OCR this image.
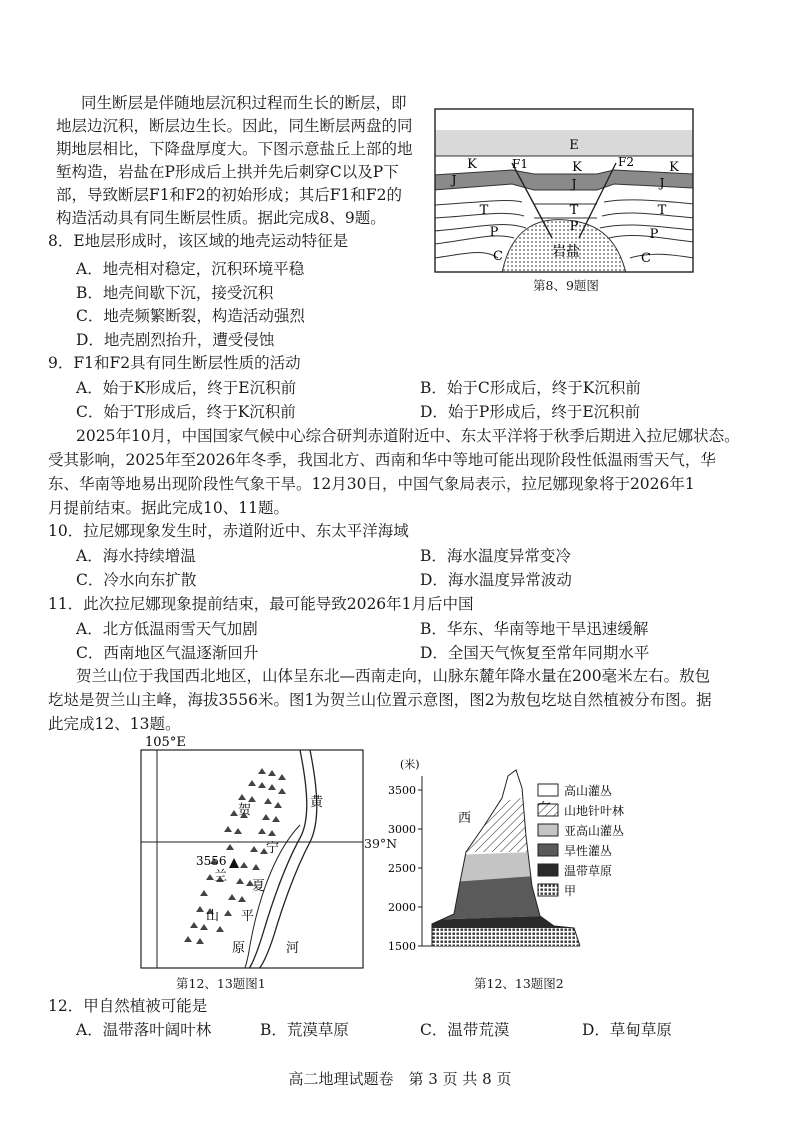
同生断层是伴随地层沉积过程而生长的断层，即
地层边沉积，断层边生长。因此，同生断层两盘的同
期地层相比，下降盘厚度大。下图示意盐丘上部的地
堑构造，岩盐在P形成后上拱并先后刺穿C以及P下
部，导致断层F1和F2的初始形成；其后F1和F2的
构造活动具有同生断层性质。据此完成8、9题。
E
K	K	K
J	J	J
T	T	T
P	P
P
C	C
F1	F2
岩盐
第8、9题图
8．E地层形成时，该区域的地壳运动特征是
A．地壳相对稳定，沉积环境平稳
B．地壳间歇下沉，接受沉积
C．地壳频繁断裂，构造活动强烈
D．地壳剧烈抬升，遭受侵蚀
9．F1和F2具有同生断层性质的活动
A．始于K形成后，终于E沉积前	B．始于C形成后，终于K沉积前
C．始于T形成后，终于K沉积前	D．始于P形成后，终于E沉积前
2025年10月，中国国家气候中心综合研判赤道附近中、东太平洋将于秋季后期进入拉尼娜状态。
受其影响，2025年至2026年冬季，我国北方、西南和华中等地可能出现阶段性低温雨雪天气，华
东、华南等地易出现阶段性气象干旱。12月30日，中国气象局表示，拉尼娜现象将于2026年1
月提前结束。据此完成10、11题。
10．拉尼娜现象发生时，赤道附近中、东太平洋海域
A．海水持续增温	B．海水温度异常变冷
C．冷水向东扩散	D．海水温度异常波动
11．此次拉尼娜现象提前结束，最可能导致2026年1月后中国
A．北方低温雨雪天气加剧	B．华东、华南等地干旱迅速缓解
C．西南地区气温逐渐回升	D．全国天气恢复至常年同期水平
贺兰山位于我国西北地区，山体呈东北—西南走向，山脉东麓年降水量在200毫米左右。敖包
圪垯是贺兰山主峰，海拔3556米。图1为贺兰山位置示意图，图2为敖包圪垯自然植被分布图。据
此完成12、13题。
105°E
3556
贺
兰
山
宁
夏
平
原
黄
河
39°N
第12、13题图1
(米)
3500
3000
2500
2000
1500
西
高山灌丛
山地针叶林
亚高山灌丛
旱性灌丛
温带草原
甲
第12、13题图2
12．甲自然植被可能是
A．温带落叶阔叶林	B．荒漠草原	C．温带荒漠	D．草甸草原
高二地理试题卷　第 3 页 共 8 页
